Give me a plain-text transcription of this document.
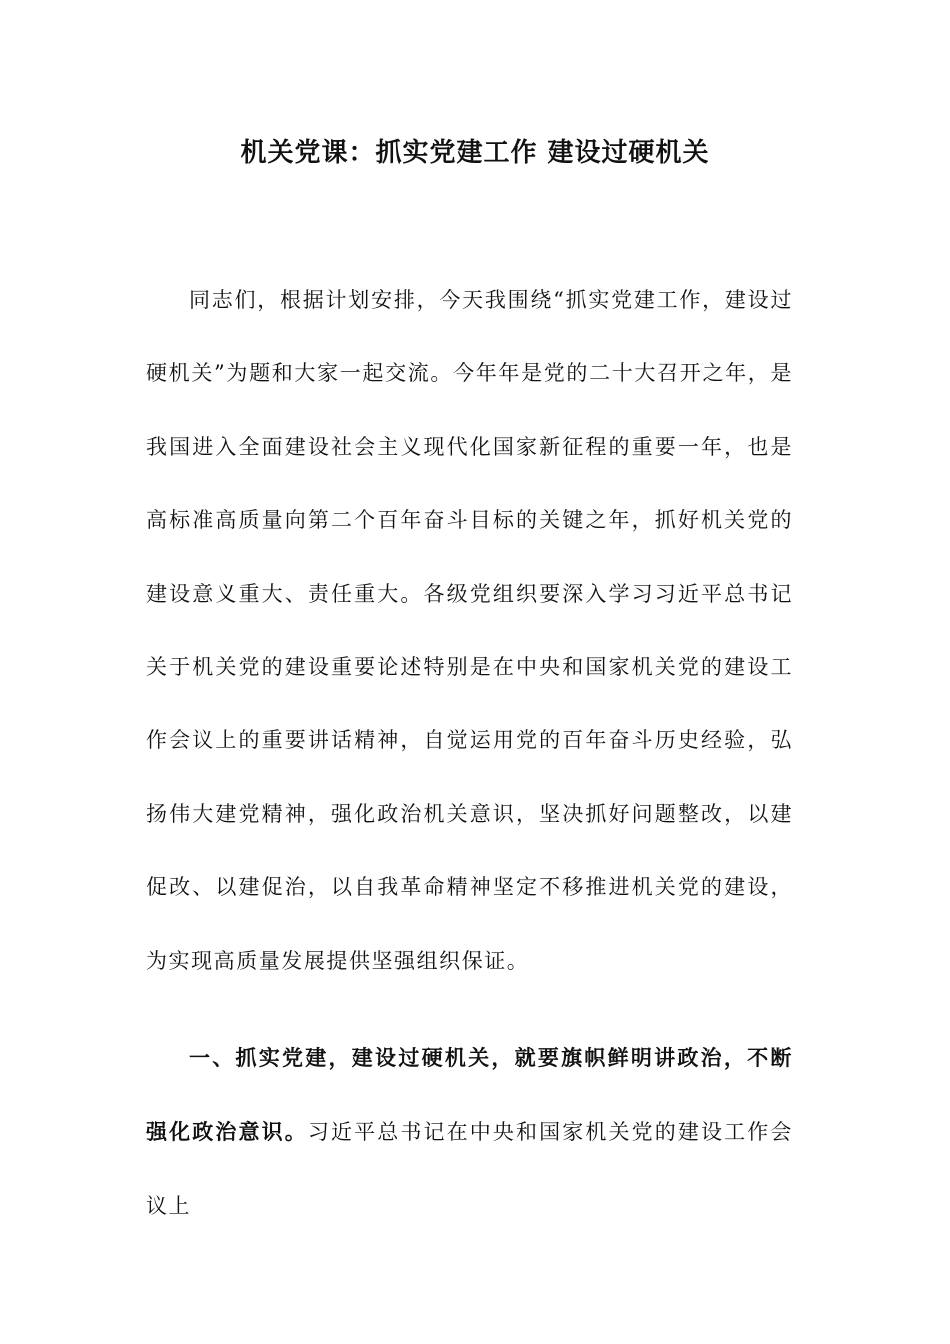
机关党课：抓实党建工作 建设过硬机关

同志们，根据计划安排，今天我围绕“抓实党建工作，建设过硬机关”为题和大家一起交流。今年年是党的二十大召开之年，是我国进入全面建设社会主义现代化国家新征程的重要一年，也是高标准高质量向第二个百年奋斗目标的关键之年，抓好机关党的建设意义重大、责任重大。各级党组织要深入学习习近平总书记关于机关党的建设重要论述特别是在中央和国家机关党的建设工作会议上的重要讲话精神，自觉运用党的百年奋斗历史经验，弘扬伟大建党精神，强化政治机关意识，坚决抓好问题整改，以建促改、以建促治，以自我革命精神坚定不移推进机关党的建设，为实现高质量发展提供坚强组织保证。

一、抓实党建，建设过硬机关，就要旗帜鲜明讲政治，不断强化政治意识。习近平总书记在中央和国家机关党的建设工作会议上
